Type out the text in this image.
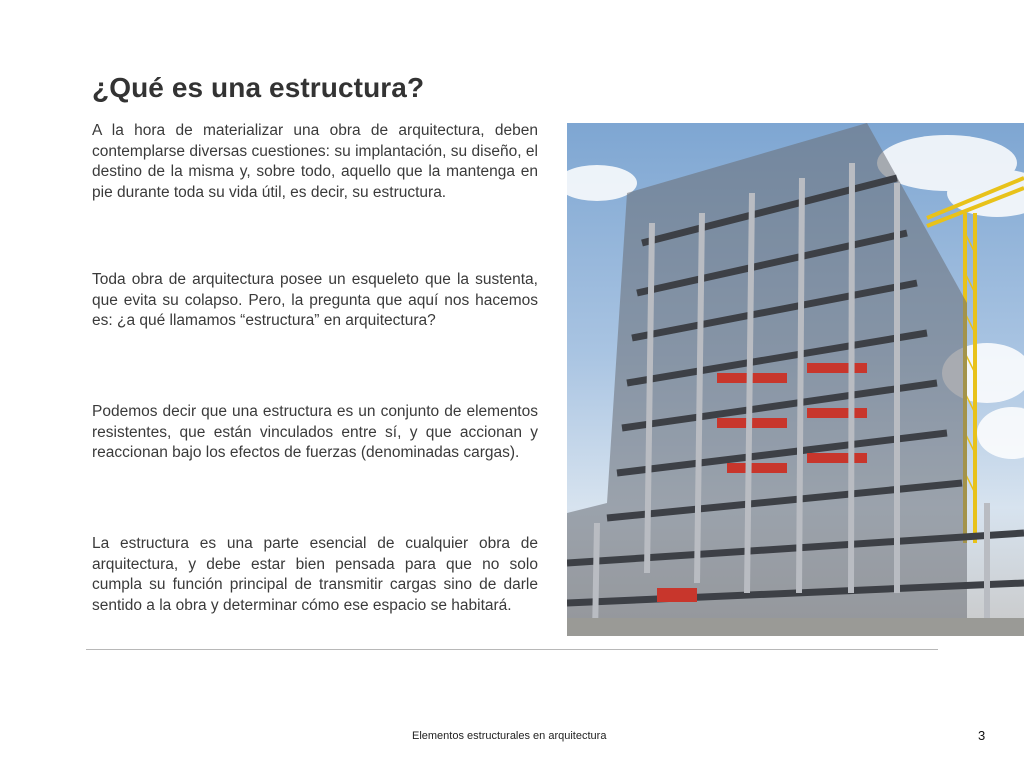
¿Qué es una estructura?

A la hora de materializar una obra de arquitectura, deben contemplarse diversas cuestiones: su implantación, su diseño, el destino de la misma y, sobre todo, aquello que la mantenga en pie durante toda su vida útil, es decir, su estructura.

Toda obra de arquitectura posee un esqueleto que la sustenta, que evita su colapso. Pero, la pregunta que aquí nos hacemos es: ¿a qué llamamos “estructura” en arquitectura?

Podemos decir que una estructura es un conjunto de elementos resistentes, que están vinculados entre sí, y que accionan y reaccionan bajo los efectos de fuerzas (denominadas cargas).

La estructura es una parte esencial de cualquier obra de arquitectura, y debe estar bien pensada para que no solo cumpla su función principal de transmitir cargas sino de darle sentido a la obra y determinar cómo ese espacio se habitará.

Elementos estructurales en arquitectura	3
